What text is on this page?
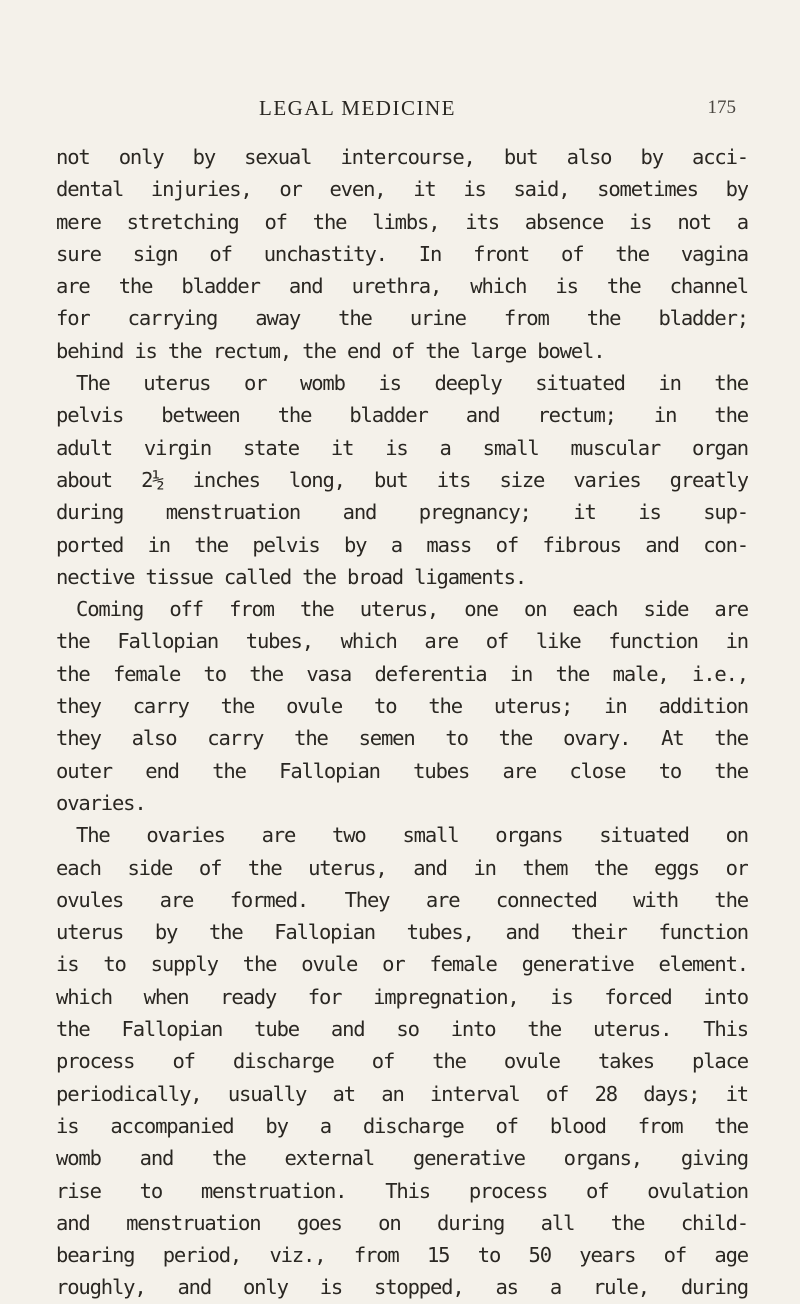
LEGAL MEDICINE	175
not only by sexual intercourse, but also by acci-
dental injuries, or even, it is said, sometimes by
mere stretching of the limbs, its absence is not a
sure sign of unchastity. In front of the vagina
are the bladder and urethra, which is the channel
for carrying away the urine from the bladder;
behind is the rectum, the end of the large bowel.
The uterus or womb is deeply situated in the
pelvis between the bladder and rectum; in the
adult virgin state it is a small muscular organ
about 2½ inches long, but its size varies greatly
during menstruation and pregnancy; it is sup-
ported in the pelvis by a mass of fibrous and con-
nective tissue called the broad ligaments.
Coming off from the uterus, one on each side are
the Fallopian tubes, which are of like function in
the female to the vasa deferentia in the male, i.e.,
they carry the ovule to the uterus; in addition
they also carry the semen to the ovary. At the
outer end the Fallopian tubes are close to the
ovaries.
The ovaries are two small organs situated on
each side of the uterus, and in them the eggs or
ovules are formed. They are connected with the
uterus by the Fallopian tubes, and their function
is to supply the ovule or female generative element.
which when ready for impregnation, is forced into
the Fallopian tube and so into the uterus. This
process of discharge of the ovule takes place
periodically, usually at an interval of 28 days; it
is accompanied by a discharge of blood from the
womb and the external generative organs, giving
rise to menstruation. This process of ovulation
and menstruation goes on during all the child-
bearing period, viz., from 15 to 50 years of age
roughly, and only is stopped, as a rule, during
